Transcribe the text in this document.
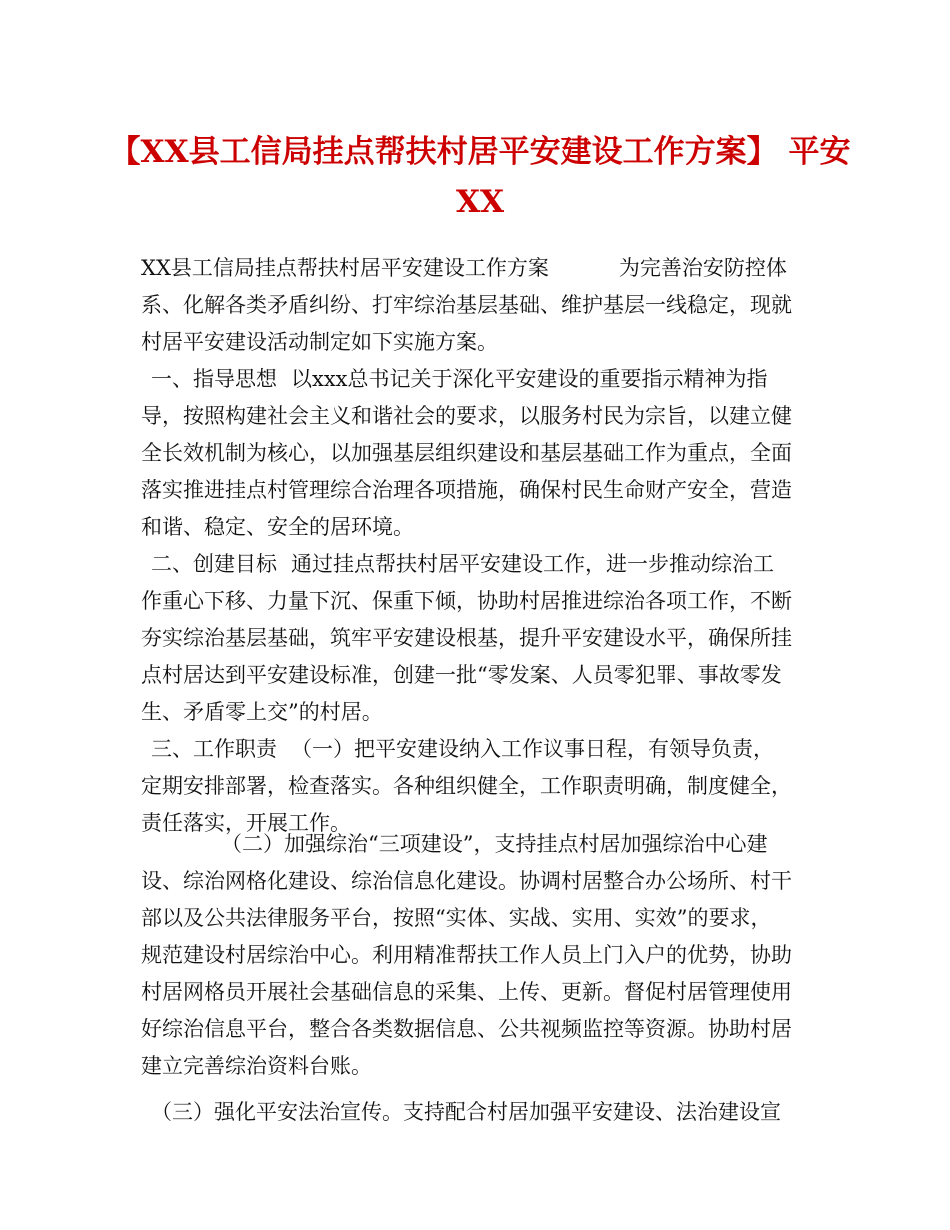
【XX县工信局挂点帮扶村居平安建设工作方案】 平安
XX
XX县工信局挂点帮扶村居平安建设工作方案	为完善治安防控体
系、化解各类矛盾纠纷、打牢综治基层基础、维护基层一线稳定，现就
村居平安建设活动制定如下实施方案。
一、指导思想 以xxx总书记关于深化平安建设的重要指示精神为指
导，按照构建社会主义和谐社会的要求，以服务村民为宗旨，以建立健
全长效机制为核心，以加强基层组织建设和基层基础工作为重点，全面
落实推进挂点村管理综合治理各项措施，确保村民生命财产安全，营造
和谐、稳定、安全的居环境。
二、创建目标 通过挂点帮扶村居平安建设工作，进一步推动综治工
作重心下移、力量下沉、保重下倾，协助村居推进综治各项工作，不断
夯实综治基层基础，筑牢平安建设根基，提升平安建设水平，确保所挂
点村居达到平安建设标准，创建一批“零发案、人员零犯罪、事故零发
生、矛盾零上交”的村居。
三、工作职责 （一）把平安建设纳入工作议事日程，有领导负责，
定期安排部署，检查落实。各种组织健全，工作职责明确，制度健全，
责任落实，开展工作。
（二）加强综治“三项建设”，支持挂点村居加强综治中心建
设、综治网格化建设、综治信息化建设。协调村居整合办公场所、村干
部以及公共法律服务平台，按照“实体、实战、实用、实效”的要求，
规范建设村居综治中心。利用精准帮扶工作人员上门入户的优势，协助
村居网格员开展社会基础信息的采集、上传、更新。督促村居管理使用
好综治信息平台，整合各类数据信息、公共视频监控等资源。协助村居
建立完善综治资料台账。
（三）强化平安法治宣传。支持配合村居加强平安建设、法治建设宣
